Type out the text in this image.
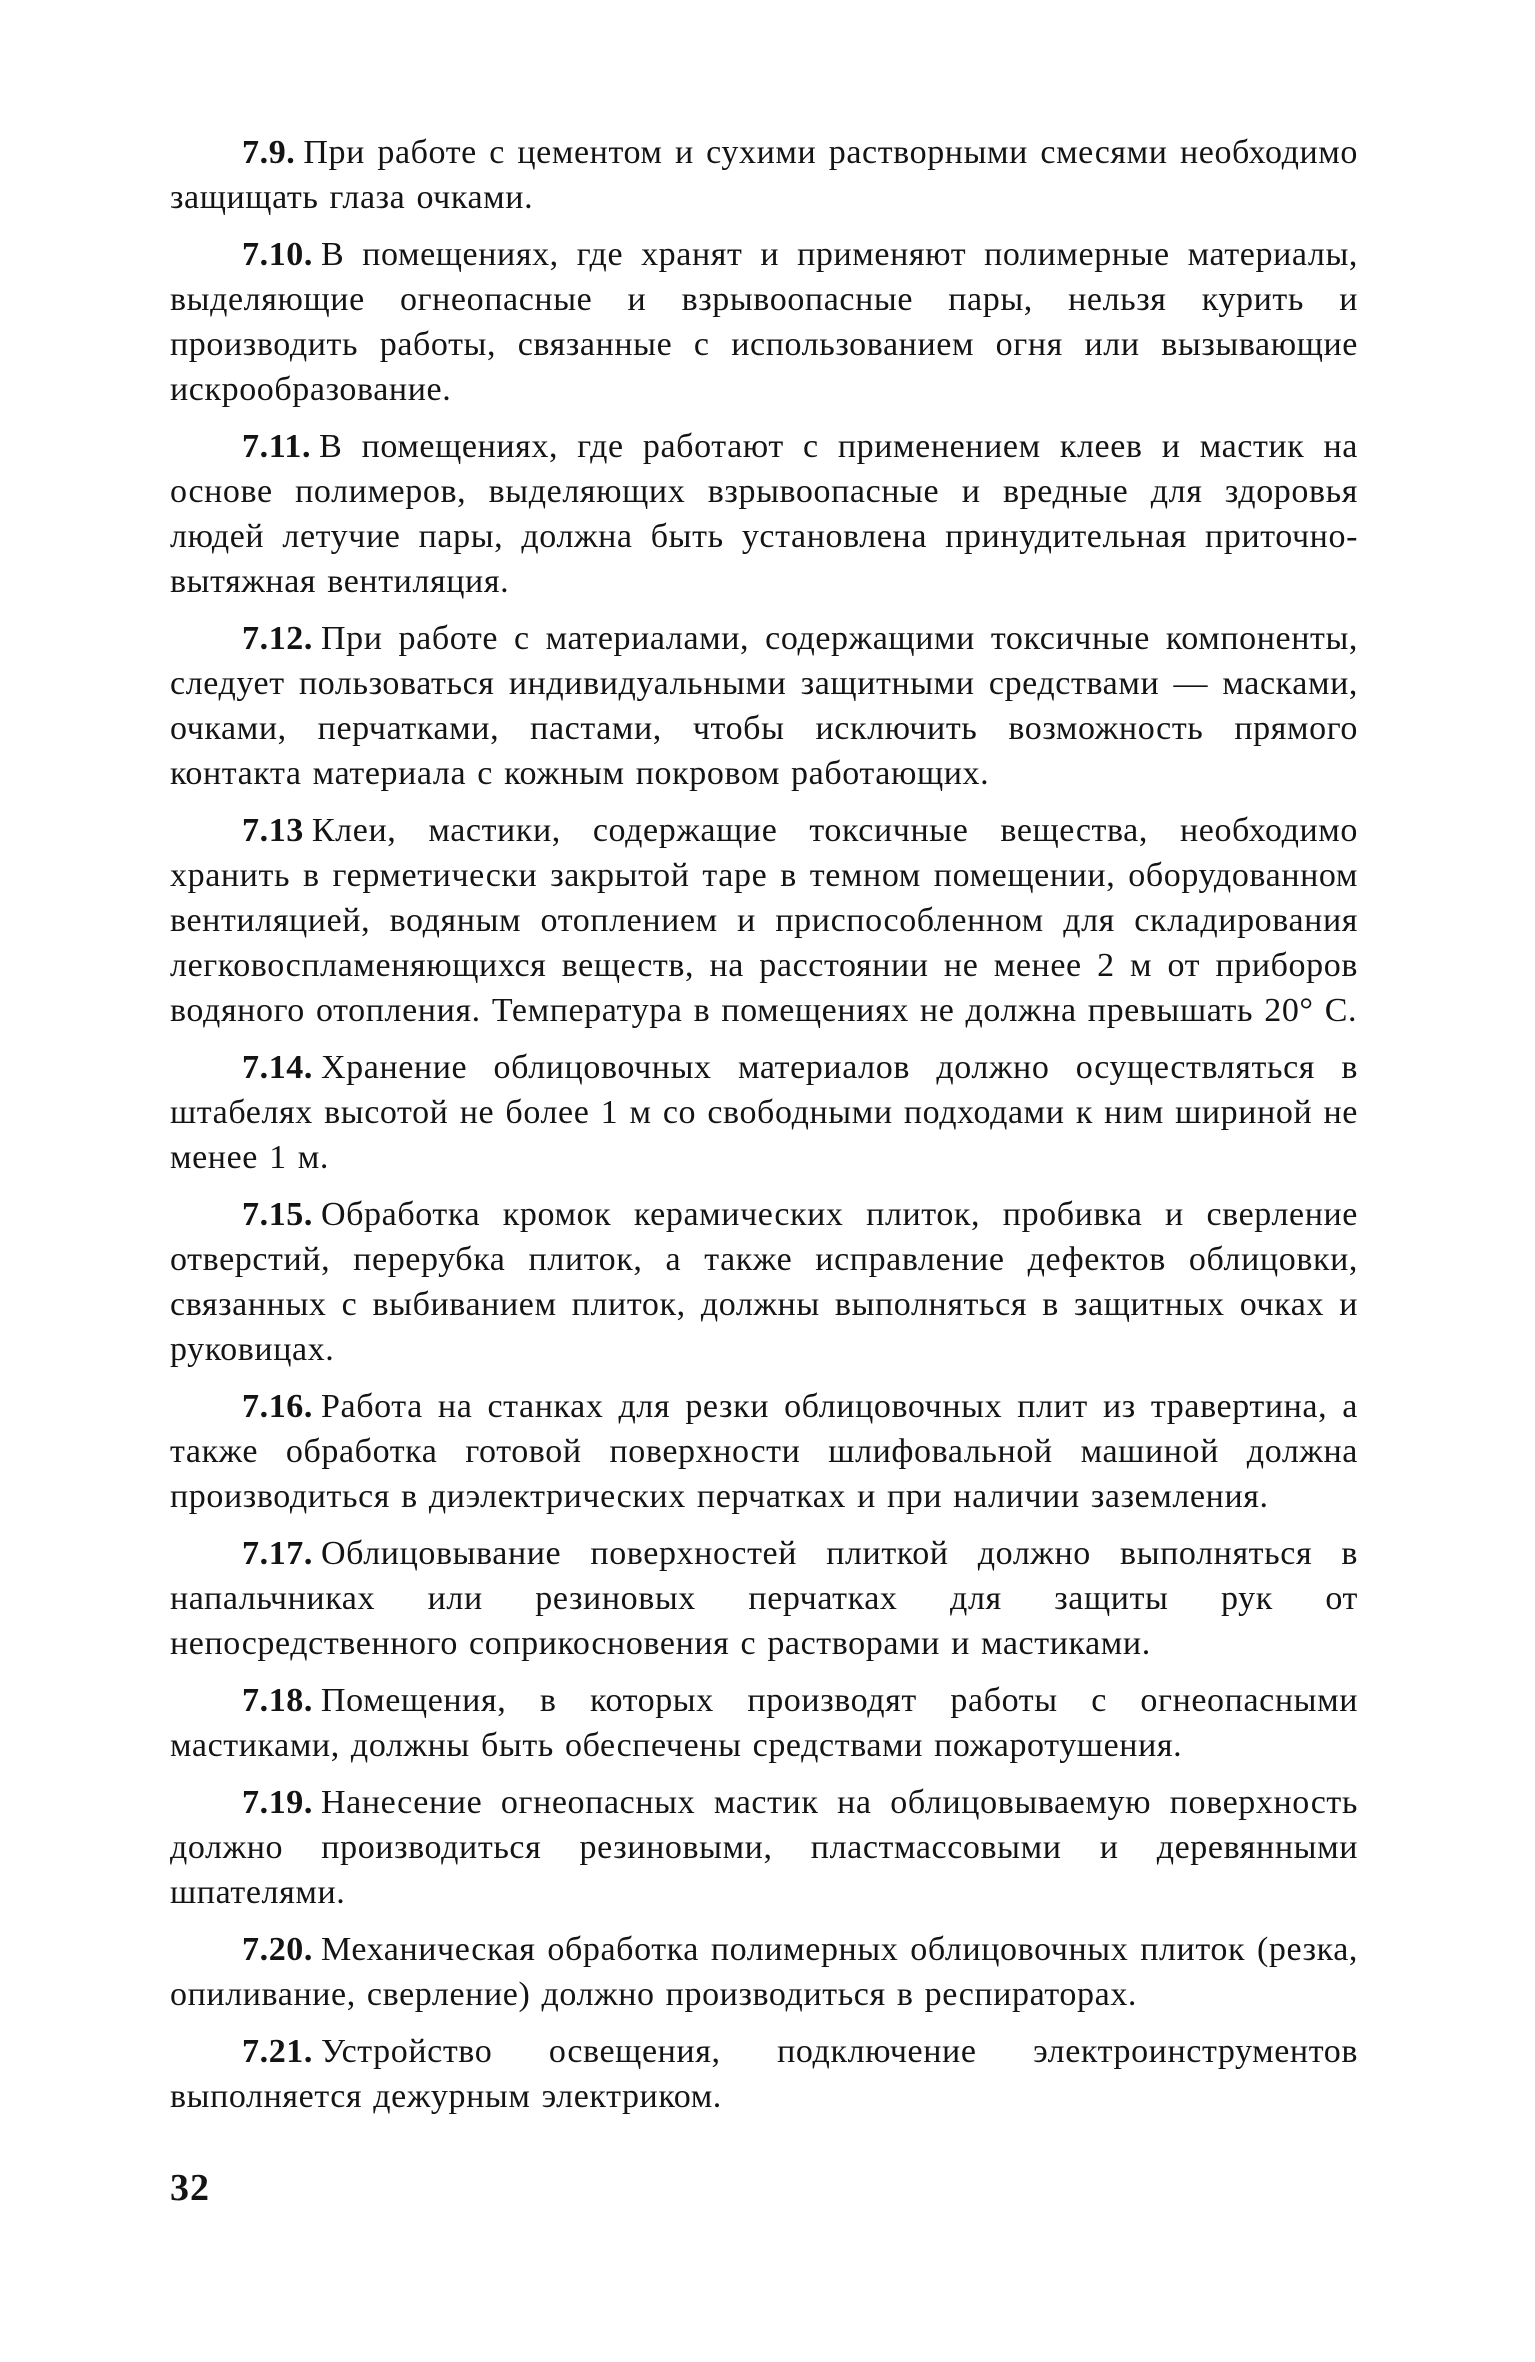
7.9. При работе с цементом и сухими растворными смесями необходимо защищать глаза очками.

7.10. В помещениях, где хранят и применяют полимерные материалы, выделяющие огнеопасные и взрывоопасные пары, нельзя курить и производить работы, связанные с использованием огня или вызывающие искрообразование.

7.11. В помещениях, где работают с применением клеев и мастик на основе полимеров, выделяющих взрывоопасные и вредные для здоровья людей летучие пары, должна быть установлена принудительная приточно-вытяжная вентиляция.

7.12. При работе с материалами, содержащими токсичные компоненты, следует пользоваться индивидуальными защитными средствами — масками, очками, перчатками, пастами, чтобы исключить возможность прямого контакта материала с кожным покровом работающих.

7.13 Клеи, мастики, содержащие токсичные вещества, необходимо хранить в герметически закрытой таре в темном помещении, оборудованном вентиляцией, водяным отоплением и приспособленном для складирования легковоспламеняющихся веществ, на расстоянии не менее 2 м от приборов водяного отопления. Температура в помещениях не должна превышать 20° С.

7.14. Хранение облицовочных материалов должно осуществляться в штабелях высотой не более 1 м со свободными подходами к ним шириной не менее 1 м.

7.15. Обработка кромок керамических плиток, пробивка и сверление отверстий, перерубка плиток, а также исправление дефектов облицовки, связанных с выбиванием плиток, должны выполняться в защитных очках и руковицах.

7.16. Работа на станках для резки облицовочных плит из травертина, а также обработка готовой поверхности шлифовальной машиной должна производиться в диэлектрических перчатках и при наличии заземления.

7.17. Облицовывание поверхностей плиткой должно выполняться в напальчниках или резиновых перчатках для защиты рук от непосредственного соприкосновения с растворами и мастиками.

7.18. Помещения, в которых производят работы с огнеопасными мастиками, должны быть обеспечены средствами пожаротушения.

7.19. Нанесение огнеопасных мастик на облицовываемую поверхность должно производиться резиновыми, пластмассовыми и деревянными шпателями.

7.20. Механическая обработка полимерных облицовочных плиток (резка, опиливание, сверление) должно производиться в респираторах.

7.21. Устройство освещения, подключение электроинструментов выполняется дежурным электриком.

32
